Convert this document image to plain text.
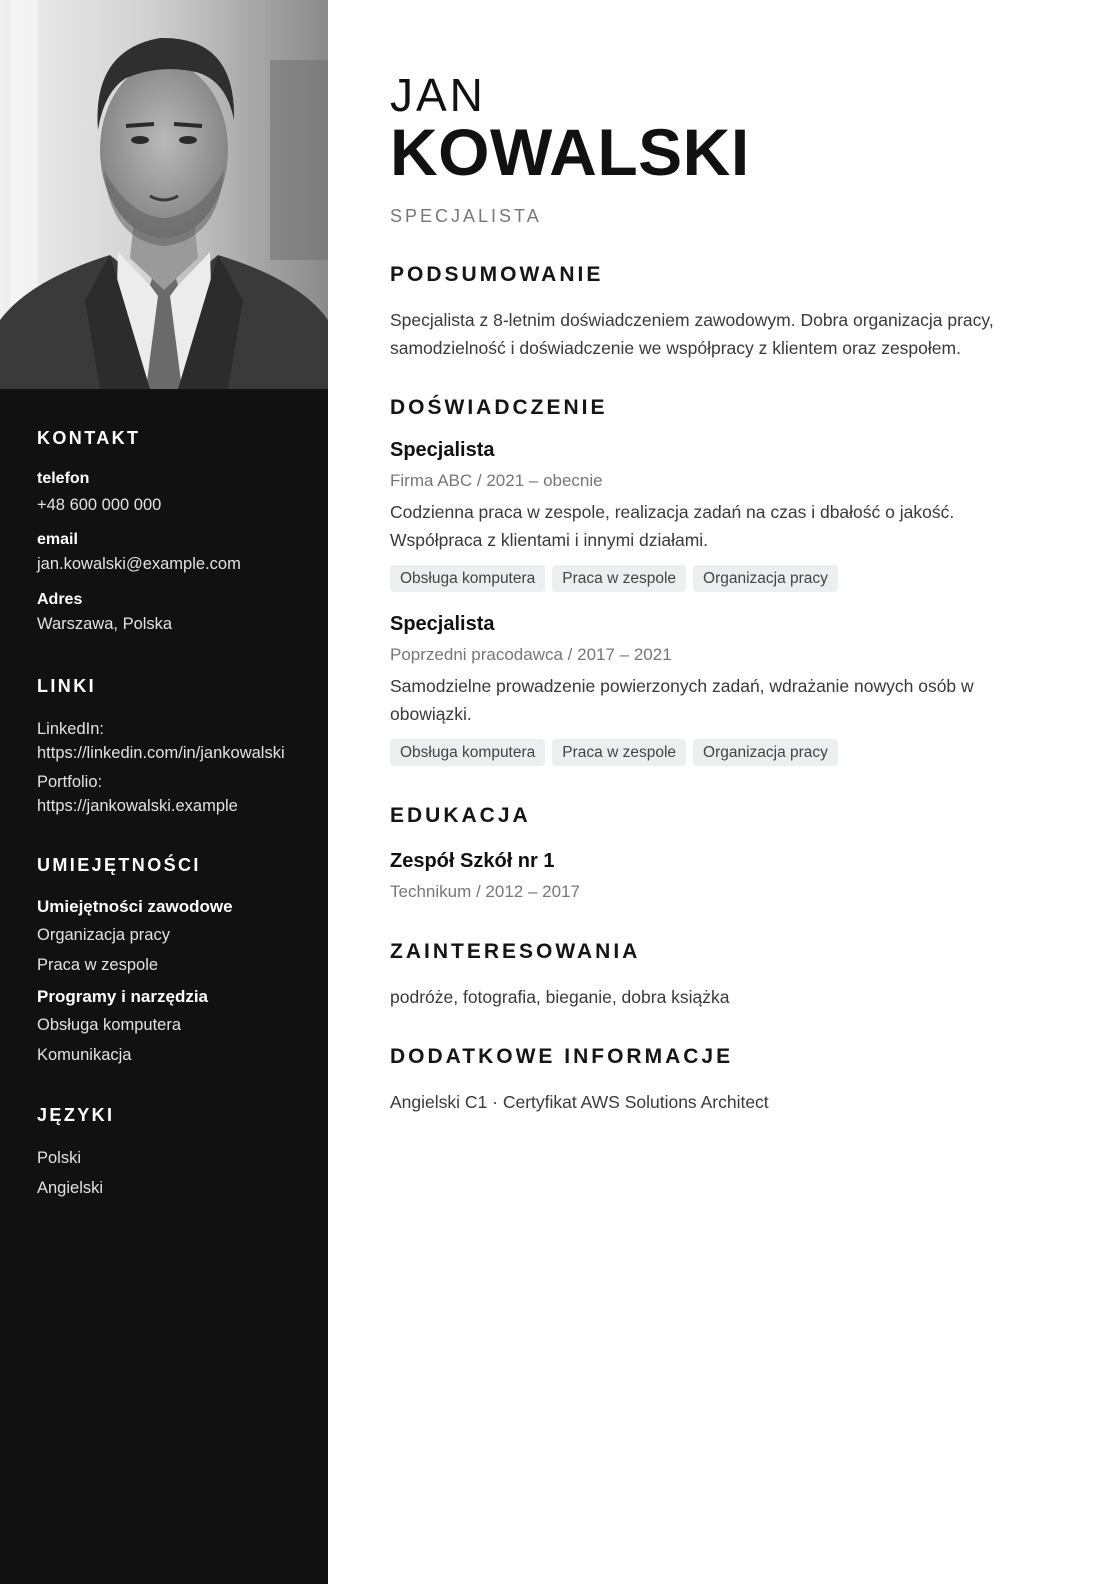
KONTAKT
telefon
+48 600 000 000
email
jan.kowalski@example.com
Adres
Warszawa, Polska
LINKI
LinkedIn:
https://linkedin.com/in/jankowalski
Portfolio:
https://jankowalski.example
UMIEJĘTNOŚCI
Umiejętności zawodowe
Organizacja pracy
Praca w zespole
Programy i narzędzia
Obsługa komputera
Komunikacja
JĘZYKI
Polski
Angielski
JAN
KOWALSKI
SPECJALISTA
PODSUMOWANIE
Specjalista z 8-letnim doświadczeniem zawodowym. Dobra organizacja pracy, samodzielność i doświadczenie we współpracy z klientem oraz zespołem.
DOŚWIADCZENIE
Specjalista
Firma ABC / 2021 – obecnie
Codzienna praca w zespole, realizacja zadań na czas i dbałość o jakość. Współpraca z klientami i innymi działami.
Obsługa komputera	Praca w zespole	Organizacja pracy
Specjalista
Poprzedni pracodawca / 2017 – 2021
Samodzielne prowadzenie powierzonych zadań, wdrażanie nowych osób w obowiązki.
Obsługa komputera	Praca w zespole	Organizacja pracy
EDUKACJA
Zespół Szkół nr 1
Technikum / 2012 – 2017
ZAINTERESOWANIA
podróże, fotografia, bieganie, dobra książka
DODATKOWE INFORMACJE
Angielski C1 · Certyfikat AWS Solutions Architect
